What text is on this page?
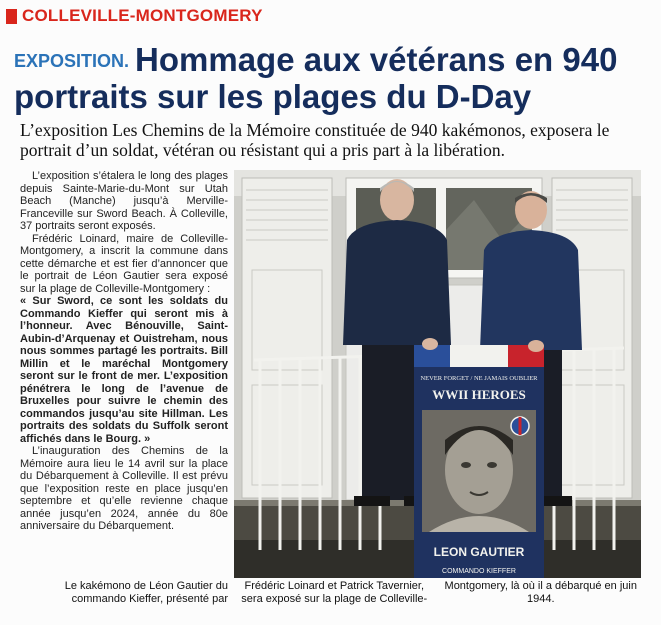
COLLEVILLE-MONTGOMERY
EXPOSITION. Hommage aux vétérans en 940 portraits sur les plages du D-Day
L’exposition Les Chemins de la Mémoire constituée de 940 kakémonos, exposera le portrait d’un soldat, vétéran ou résistant qui a pris part à la libération.

L’exposition s’étalera le long des plages depuis Sainte-Marie-du-Mont sur Utah Beach (Manche) jusqu’à Merville-Franceville sur Sword Beach. À Colleville, 37 portraits seront exposés.

Frédéric Loinard, maire de Colleville-Montgomery, a inscrit la commune dans cette démarche et est fier d’annoncer que le portrait de Léon Gautier sera exposé sur la plage de Colleville-Montgomery :

« Sur Sword, ce sont les soldats du Commando Kieffer qui seront mis à l’honneur. Avec Bénouville, Saint-Aubin-d’Arquenay et Ouistreham, nous nous sommes partagé les portraits. Bill Millin et le maréchal Montgomery seront sur le front de mer. L’exposition pénétrera le long de l’avenue de Bruxelles pour suivre le chemin des commandos jusqu’au site Hillman. Les portraits des soldats du Suffolk seront affichés dans le Bourg. »

L’inauguration des Chemins de la Mémoire aura lieu le 14 avril sur la place du Débarquement à Colleville. Il est prévu que l’exposition reste en place jusqu’en septembre et qu’elle revienne chaque année jusqu’en 2024, année du 80e anniversaire du Débarquement.

Le kakémono de Léon Gautier du commando Kieffer, présenté par
NEVER FORGET / NE JAMAIS OUBLIER
WWII HEROES
LEON GAUTIER
COMMANDO KIEFFER
Frédéric Loinard et Patrick Tavernier, sera exposé sur la plage de Colleville-
Montgomery, là où il a débarqué en juin 1944.
